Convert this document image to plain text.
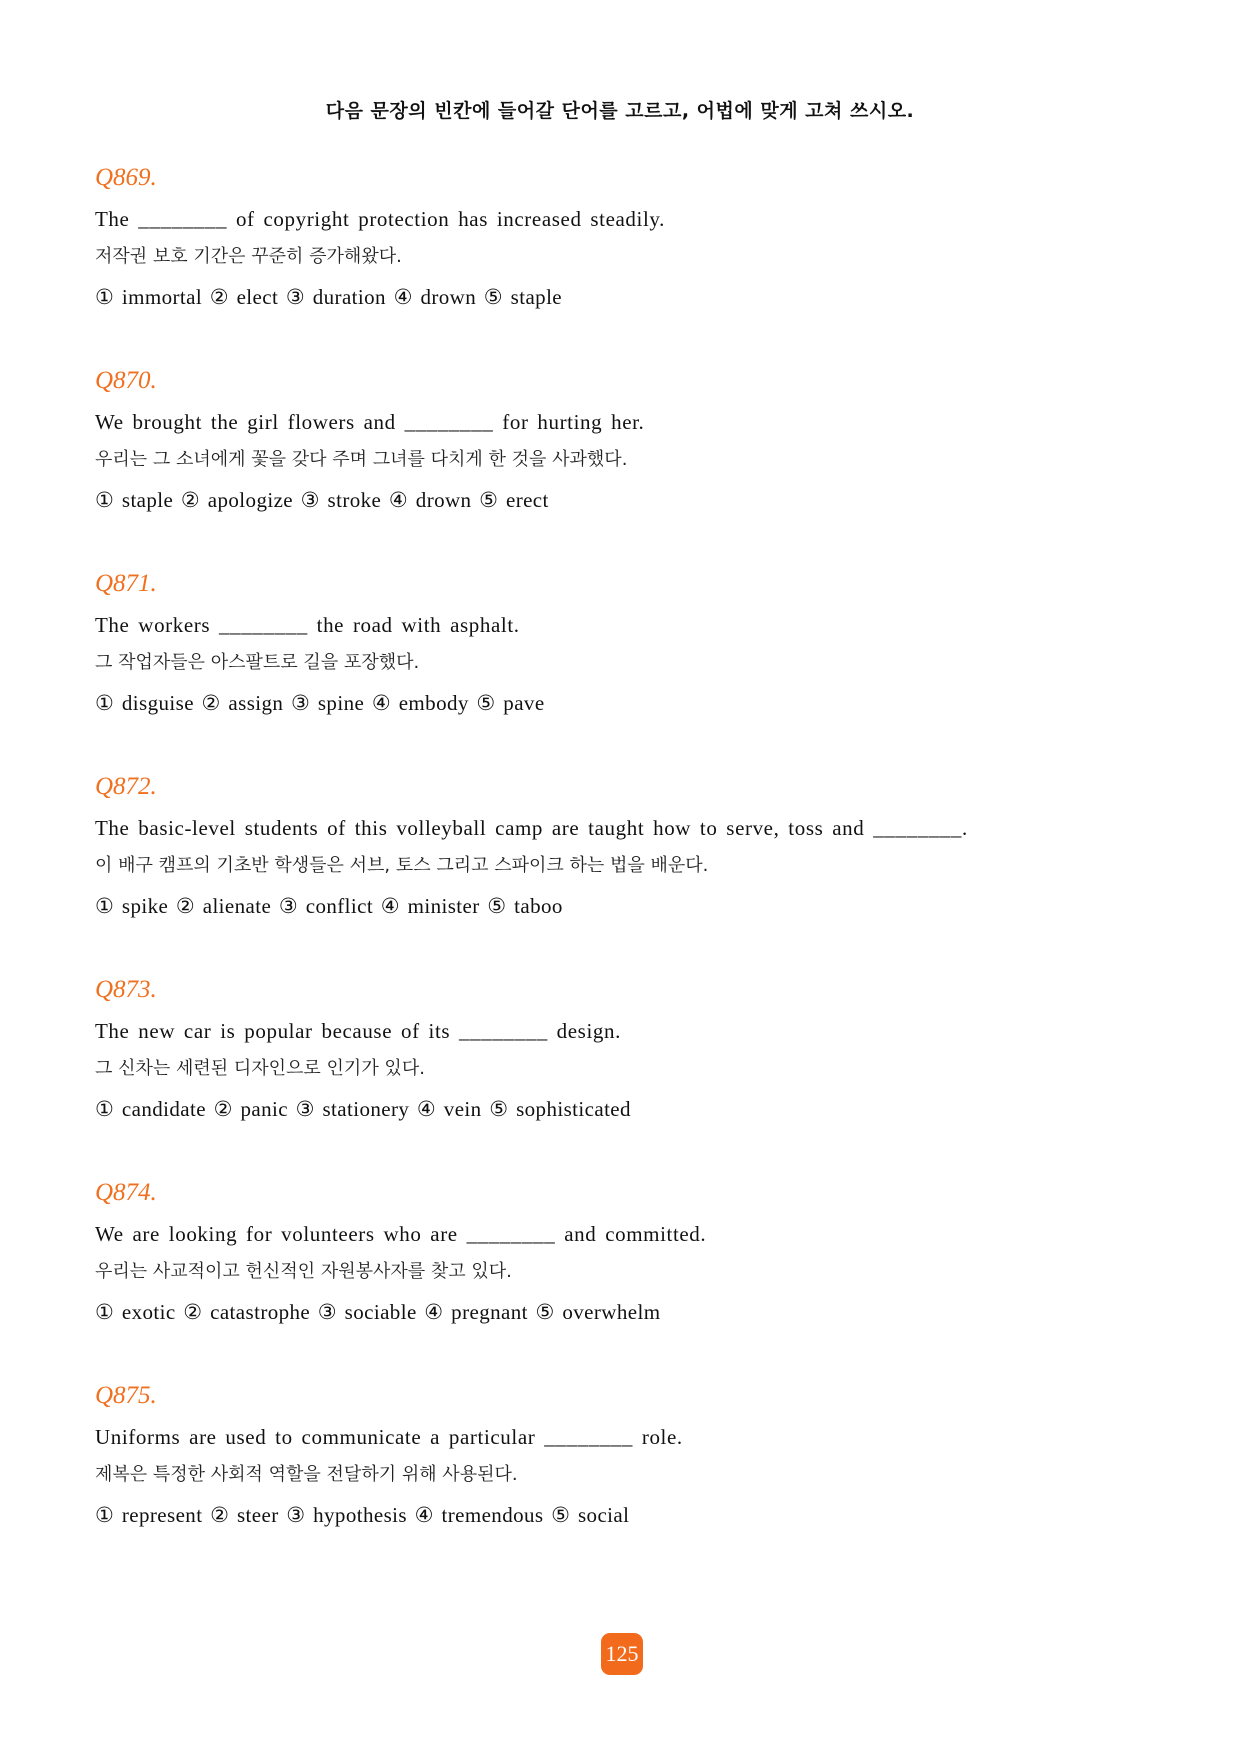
다음 문장의 빈칸에 들어갈 단어를 고르고, 어법에 맞게 고쳐 쓰시오.
Q869.
The ________ of copyright protection has increased steadily.
저작권 보호 기간은 꾸준히 증가해왔다.
① immortal ② elect ③ duration ④ drown ⑤ staple
Q870.
We brought the girl flowers and ________ for hurting her.
우리는 그 소녀에게 꽃을 갖다 주며 그녀를 다치게 한 것을 사과했다.
① staple ② apologize ③ stroke ④ drown ⑤ erect
Q871.
The workers ________ the road with asphalt.
그 작업자들은 아스팔트로 길을 포장했다.
① disguise ② assign ③ spine ④ embody ⑤ pave
Q872.
The basic-level students of this volleyball camp are taught how to serve, toss and ________.
이 배구 캠프의 기초반 학생들은 서브, 토스 그리고 스파이크 하는 법을 배운다.
① spike ② alienate ③ conflict ④ minister ⑤ taboo
Q873.
The new car is popular because of its ________ design.
그 신차는 세련된 디자인으로 인기가 있다.
① candidate ② panic ③ stationery ④ vein ⑤ sophisticated
Q874.
We are looking for volunteers who are ________ and committed.
우리는 사교적이고 헌신적인 자원봉사자를 찾고 있다.
① exotic ② catastrophe ③ sociable ④ pregnant ⑤ overwhelm
Q875.
Uniforms are used to communicate a particular ________ role.
제복은 특정한 사회적 역할을 전달하기 위해 사용된다.
① represent ② steer ③ hypothesis ④ tremendous ⑤ social
125
